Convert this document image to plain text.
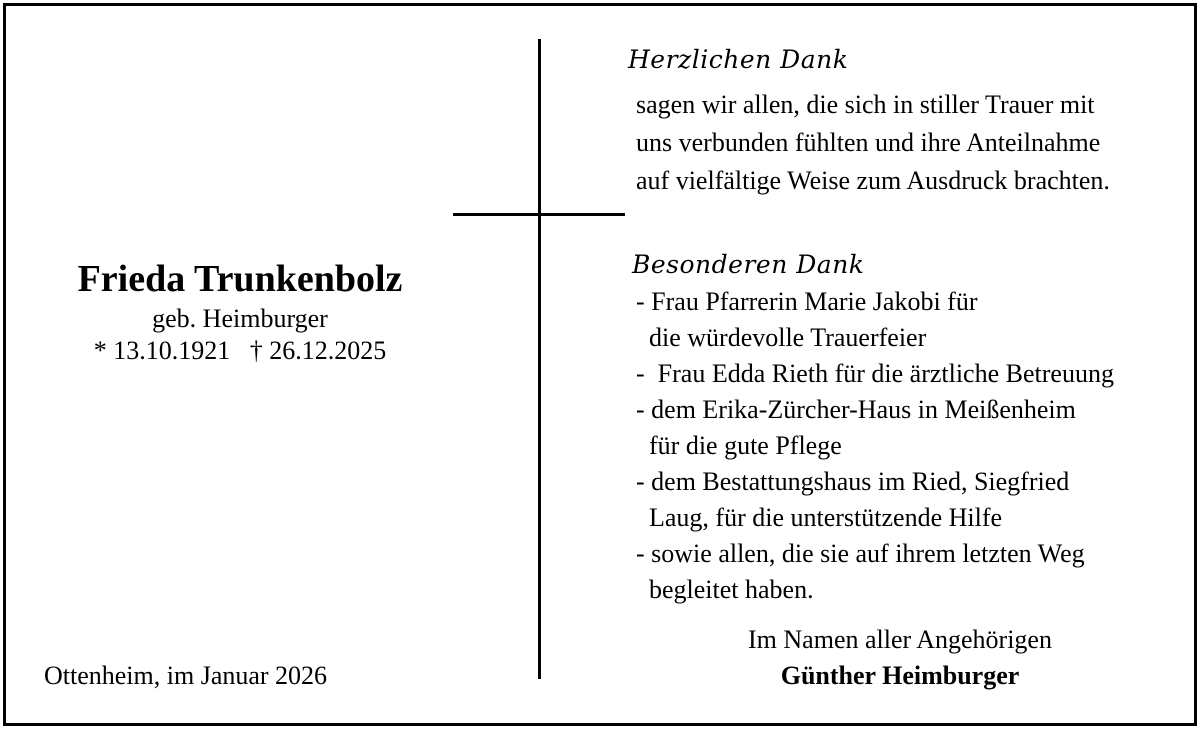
Frieda Trunkenbolz
geb. Heimburger
* 13.10.1921   † 26.12.2025
Ottenheim, im Januar 2026
Herzlichen Dank
sagen wir allen, die sich in stiller Trauer mit
uns verbunden fühlten und ihre Anteilnahme
auf vielfältige Weise zum Ausdruck brachten.
Besonderen Dank
- Frau Pfarrerin Marie Jakobi für
die würdevolle Trauerfeier
-  Frau Edda Rieth für die ärztliche Betreuung
- dem Erika-Zürcher-Haus in Meißenheim
für die gute Pflege
- dem Bestattungshaus im Ried, Siegfried
Laug, für die unterstützende Hilfe
- sowie allen, die sie auf ihrem letzten Weg
begleitet haben.
Im Namen aller Angehörigen
Günther Heimburger
